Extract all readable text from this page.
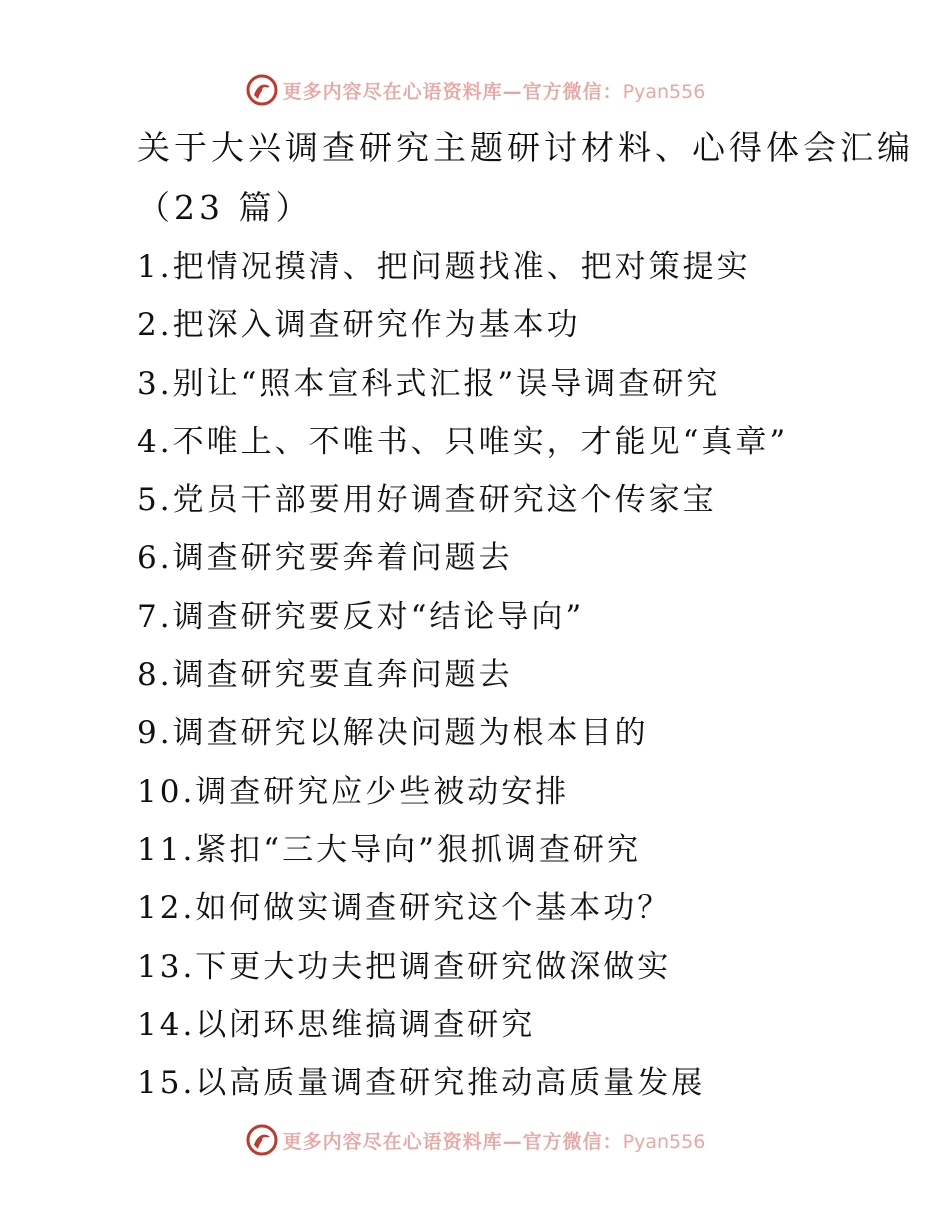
更多内容尽在心语资料库—官方微信：Pyan556
关于大兴调查研究主题研讨材料、心得体会汇编
（23 篇）
1.把情况摸清、把问题找准、把对策提实
2.把深入调查研究作为基本功
3.别让“照本宣科式汇报”误导调查研究
4.不唯上、不唯书、只唯实，才能见“真章”
5.党员干部要用好调查研究这个传家宝
6.调查研究要奔着问题去
7.调查研究要反对“结论导向”
8.调查研究要直奔问题去
9.调查研究以解决问题为根本目的
10.调查研究应少些被动安排
11.紧扣“三大导向”狠抓调查研究
12.如何做实调查研究这个基本功？
13.下更大功夫把调查研究做深做实
14.以闭环思维搞调查研究
15.以高质量调查研究推动高质量发展
更多内容尽在心语资料库—官方微信：Pyan556
